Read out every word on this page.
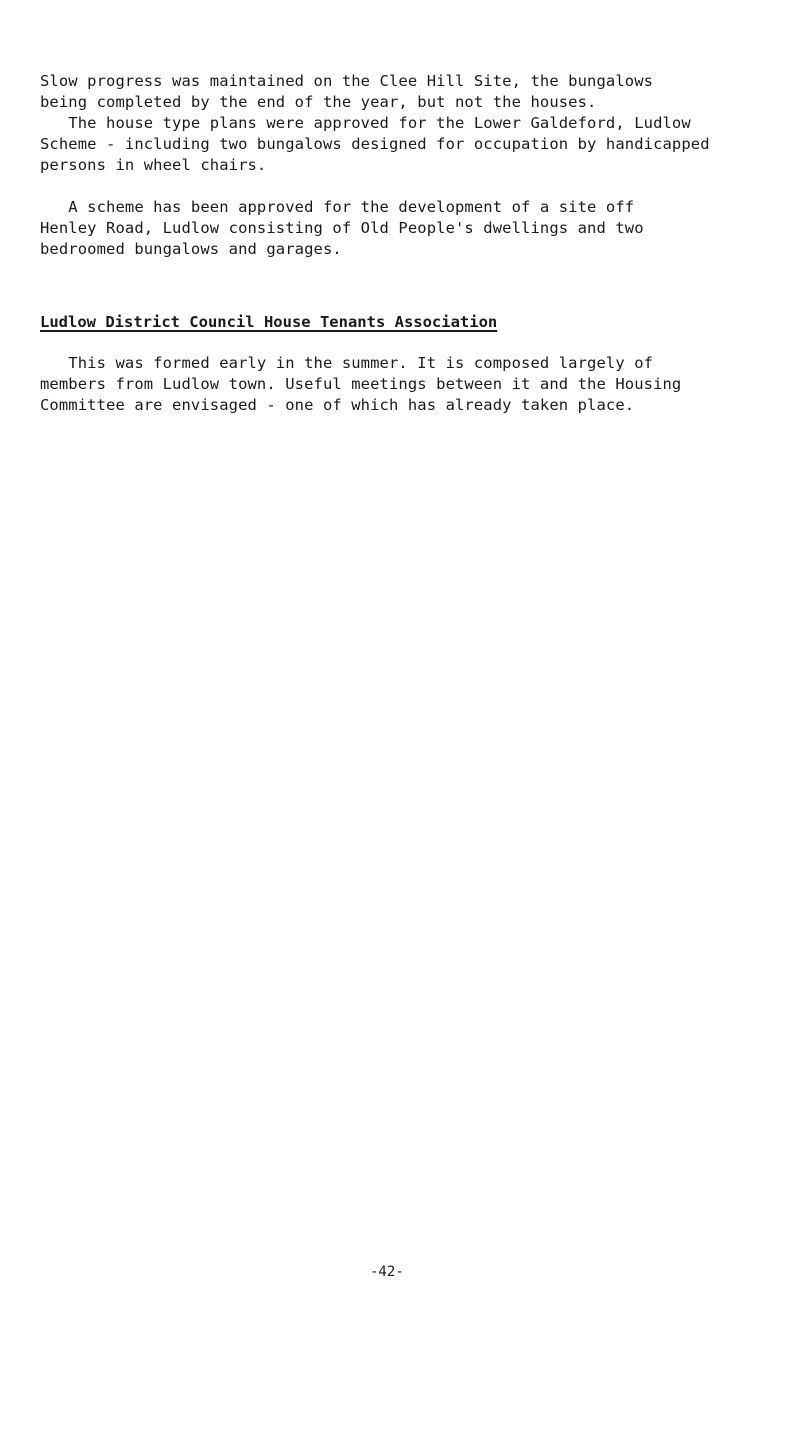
Slow progress was maintained on the Clee Hill Site, the bungalows
being completed by the end of the year, but not the houses.

The house type plans were approved for the Lower Galdeford, Ludlow
Scheme - including two bungalows designed for occupation by handicapped
persons in wheel chairs.

A scheme has been approved for the development of a site off
Henley Road, Ludlow consisting of Old People's dwellings and two
bedroomed bungalows and garages.

Ludlow District Council House Tenants Association

This was formed early in the summer. It is composed largely of
members from Ludlow town. Useful meetings between it and the Housing
Committee are envisaged - one of which has already taken place.

-42-
